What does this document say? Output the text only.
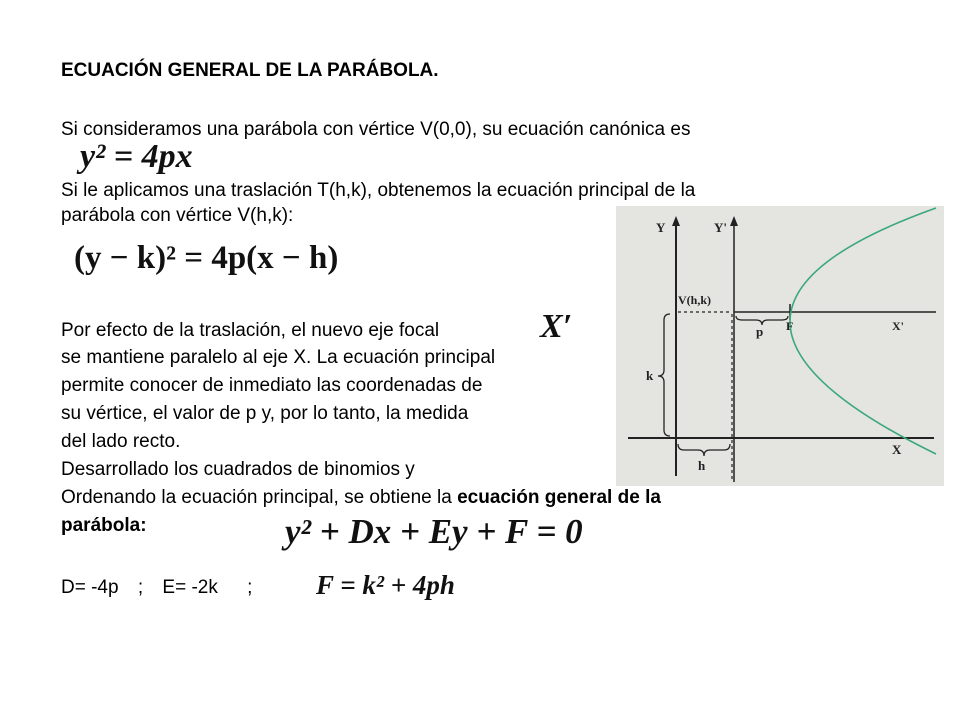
ECUACIÓN GENERAL DE LA PARÁBOLA.
Si consideramos una parábola con vértice V(0,0), su ecuación canónica es
y² = 4px
Si le aplicamos una traslación T(h,k), obtenemos la ecuación principal de la
parábola con vértice V(h,k):
(y − k)² = 4p(x − h)
Por efecto de la traslación, el nuevo eje focal	X′
se mantiene paralelo al eje X. La ecuación principal
permite conocer de inmediato las coordenadas de
su vértice, el valor de p y, por lo tanto, la medida
del lado recto.
Desarrollado los cuadrados de binomios y
Ordenando la ecuación principal, se obtiene la ecuación general de la
parábola:	y² + Dx + Ey + F = 0
D= -4p ; E= -2k ; F = k² + 4ph
Y	Y'
V(h,k)
p F	X'
k
h
X
